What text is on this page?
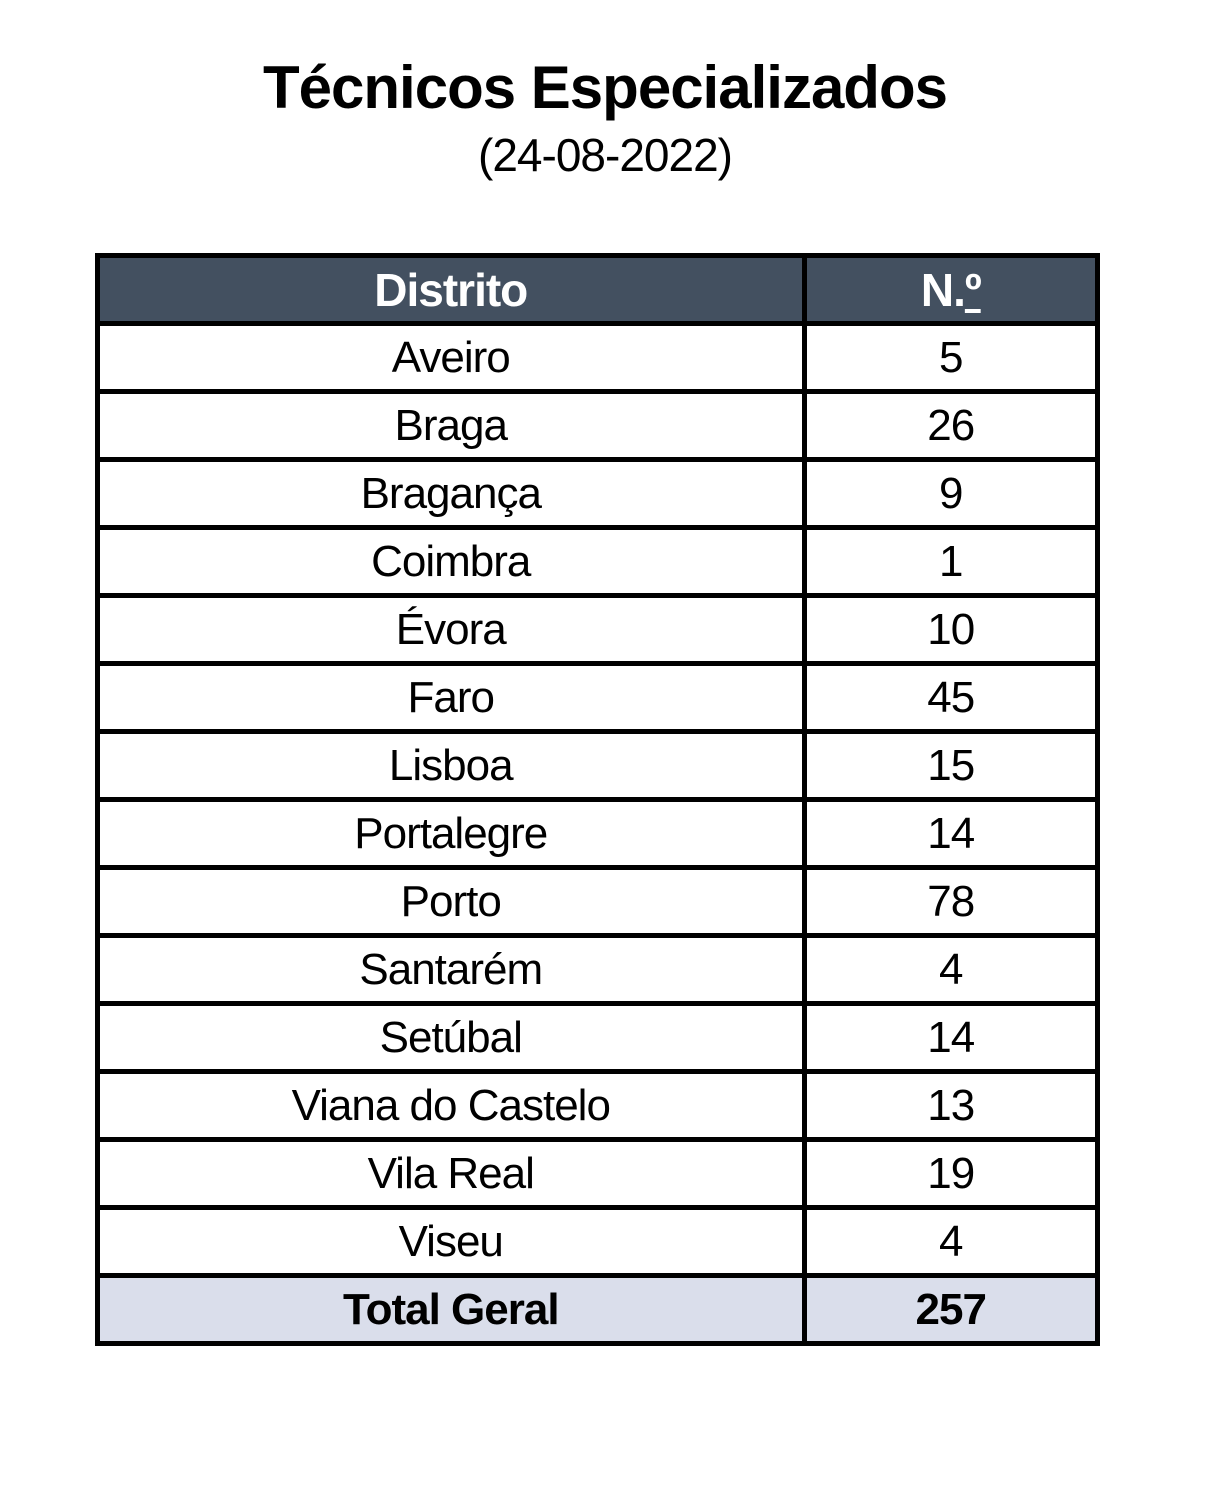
Técnicos Especializados
(24-08-2022)
Distrito	N.º
Aveiro	5
Braga	26
Bragança	9
Coimbra	1
Évora	10
Faro	45
Lisboa	15
Portalegre	14
Porto	78
Santarém	4
Setúbal	14
Viana do Castelo	13
Vila Real	19
Viseu	4
Total Geral	257
